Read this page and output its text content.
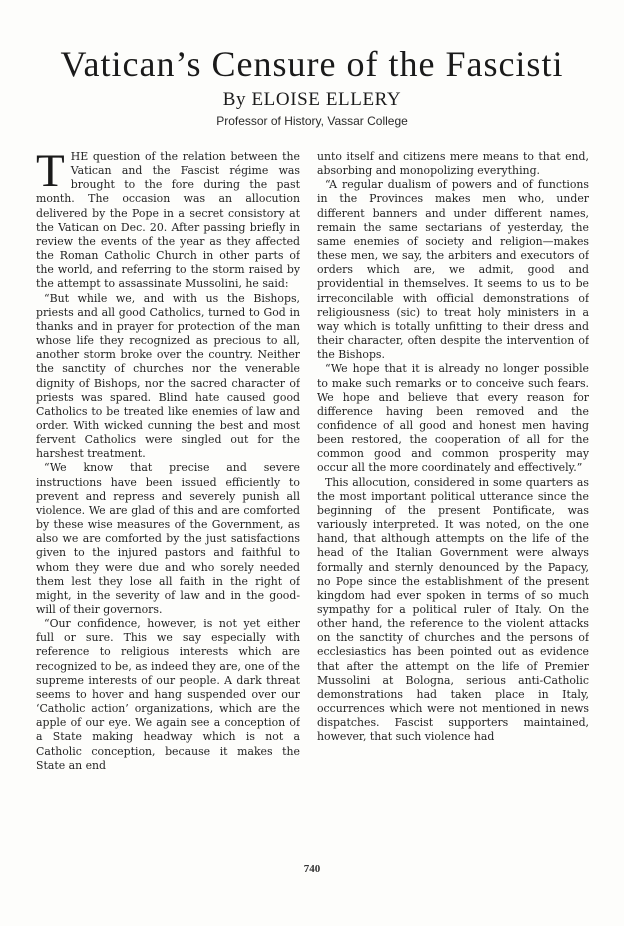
Vatican’s Censure of the Fascisti
By ELOISE ELLERY
Professor of History, Vassar College

THE question of the relation between the Vatican and the Fascist régime was brought to the fore during the past month. The occasion was an allocution delivered by the Pope in a secret consistory at the Vatican on Dec. 20. After passing briefly in review the events of the year as they affected the Roman Catholic Church in other parts of the world, and referring to the storm raised by the attempt to assassinate Mussolini, he said:

“But while we, and with us the Bishops, priests and all good Catholics, turned to God in thanks and in prayer for protection of the man whose life they recognized as precious to all, another storm broke over the country. Neither the sanctity of churches nor the venerable dignity of Bishops, nor the sacred character of priests was spared. Blind hate caused good Catholics to be treated like enemies of law and order. With wicked cunning the best and most fervent Catholics were singled out for the harshest treatment.

“We know that precise and severe instructions have been issued efficiently to prevent and repress and severely punish all violence. We are glad of this and are comforted by these wise measures of the Government, as also we are comforted by the just satisfactions given to the injured pastors and faithful to whom they were due and who sorely needed them lest they lose all faith in the right of might, in the severity of law and in the good-will of their governors.

“Our confidence, however, is not yet either full or sure. This we say especially with reference to religious interests which are recognized to be, as indeed they are, one of the supreme interests of our people. A dark threat seems to hover and hang suspended over our ‘Catholic action’ organizations, which are the apple of our eye. We again see a conception of a State making headway which is not a Catholic conception, because it makes the State an end

unto itself and citizens mere means to that end, absorbing and monopolizing everything.

“A regular dualism of powers and of functions in the Provinces makes men who, under different banners and under different names, remain the same sectarians of yesterday, the same enemies of society and religion—makes these men, we say, the arbiters and executors of orders which are, we admit, good and providential in themselves. It seems to us to be irreconcilable with official demonstrations of religiousness (sic) to treat holy ministers in a way which is totally unfitting to their dress and their character, often despite the intervention of the Bishops.

“We hope that it is already no longer possible to make such remarks or to conceive such fears. We hope and believe that every reason for difference having been removed and the confidence of all good and honest men having been restored, the cooperation of all for the common good and common prosperity may occur all the more coordinately and effectively.”

This allocution, considered in some quarters as the most important political utterance since the beginning of the present Pontificate, was variously interpreted. It was noted, on the one hand, that although attempts on the life of the head of the Italian Government were always formally and sternly denounced by the Papacy, no Pope since the establishment of the present kingdom had ever spoken in terms of so much sympathy for a political ruler of Italy. On the other hand, the reference to the violent attacks on the sanctity of churches and the persons of ecclesiastics has been pointed out as evidence that after the attempt on the life of Premier Mussolini at Bologna, serious anti-Catholic demonstrations had taken place in Italy, occurrences which were not mentioned in news dispatches. Fascist supporters maintained, however, that such violence had

740
